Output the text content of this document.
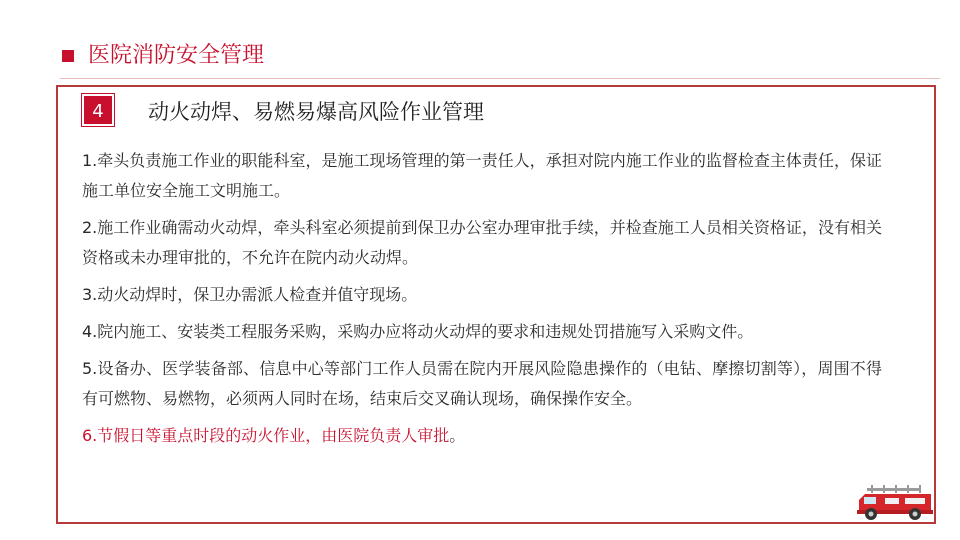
医院消防安全管理
4	动火动焊、易燃易爆高风险作业管理

1.牵头负责施工作业的职能科室，是施工现场管理的第一责任人，承担对院内施工作业的监督检查主体责任，保证施工单位安全施工文明施工。

2.施工作业确需动火动焊，牵头科室必须提前到保卫办公室办理审批手续，并检查施工人员相关资格证，没有相关资格或未办理审批的，不允许在院内动火动焊。

3.动火动焊时，保卫办需派人检查并值守现场。

4.院内施工、安装类工程服务采购，采购办应将动火动焊的要求和违规处罚措施写入采购文件。

5.设备办、医学装备部、信息中心等部门工作人员需在院内开展风险隐患操作的（电钻、摩擦切割等），周围不得有可燃物、易燃物，必须两人同时在场，结束后交叉确认现场，确保操作安全。

6.节假日等重点时段的动火作业，由医院负责人审批。
